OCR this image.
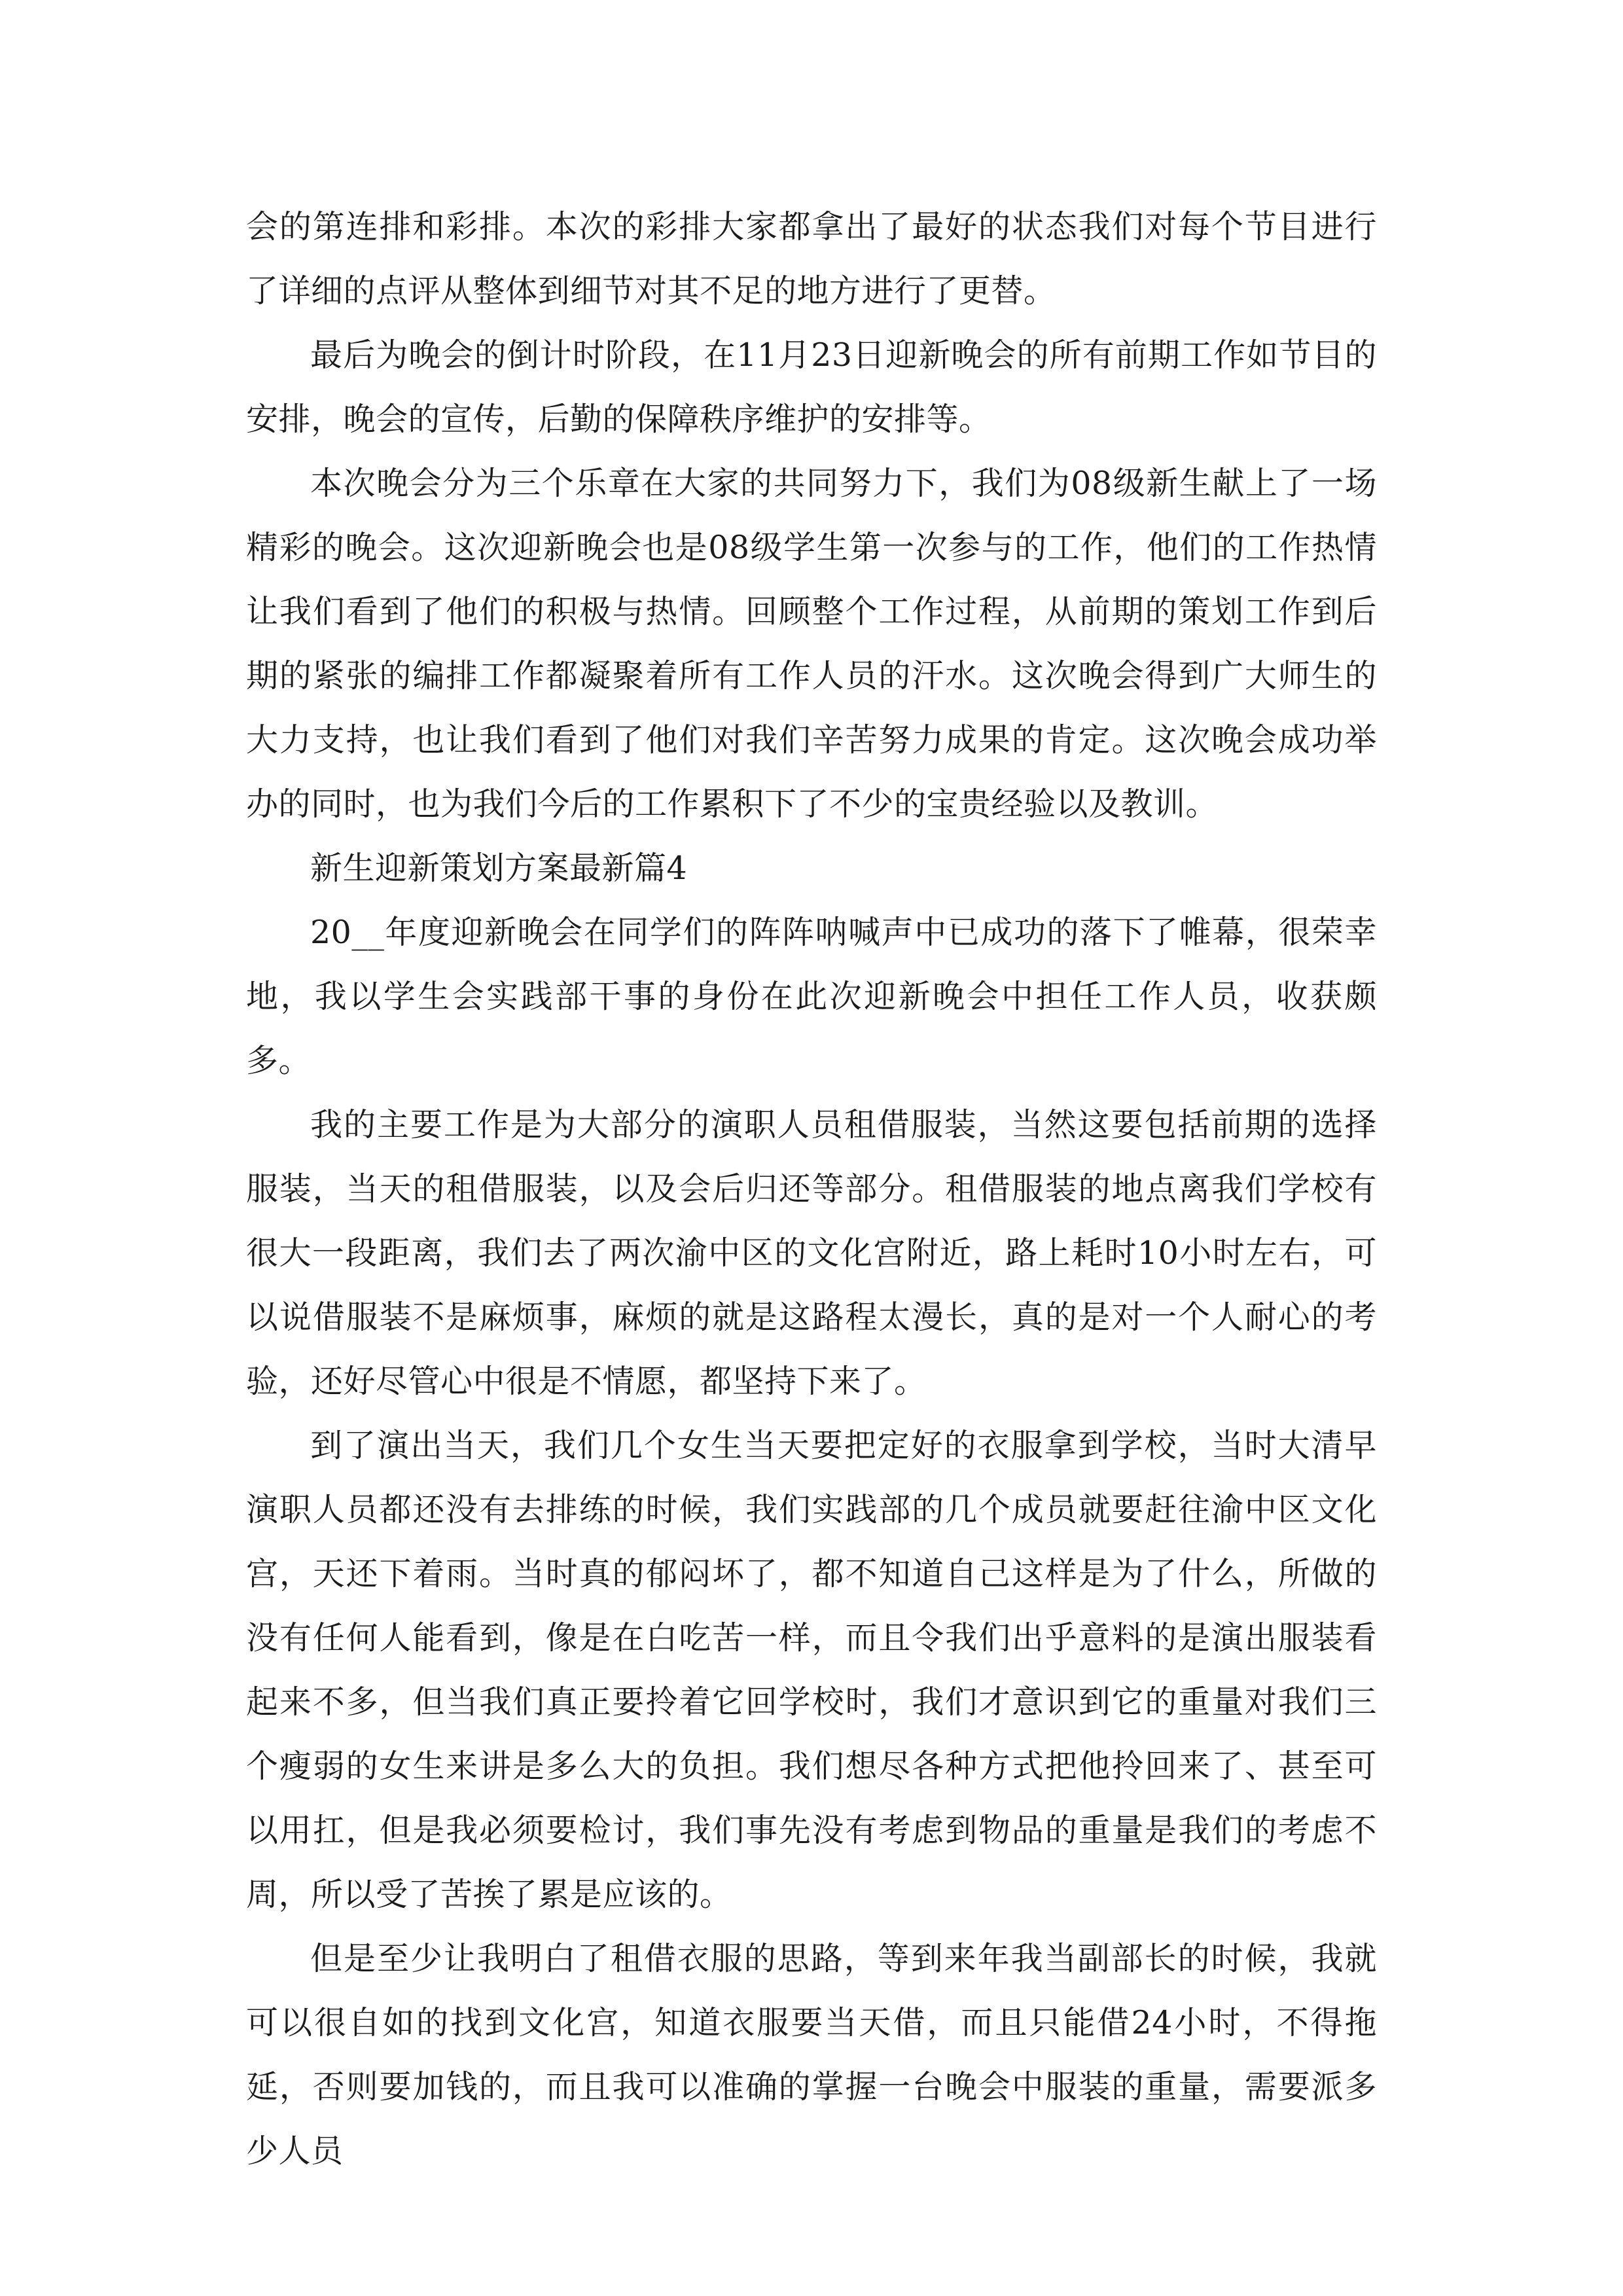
会的第连排和彩排。本次的彩排大家都拿出了最好的状态我们对每个节目进行了详细的点评从整体到细节对其不足的地方进行了更替。

最后为晚会的倒计时阶段，在11月23日迎新晚会的所有前期工作如节目的安排，晚会的宣传，后勤的保障秩序维护的安排等。

本次晚会分为三个乐章在大家的共同努力下，我们为08级新生献上了一场精彩的晚会。这次迎新晚会也是08级学生第一次参与的工作，他们的工作热情让我们看到了他们的积极与热情。回顾整个工作过程，从前期的策划工作到后期的紧张的编排工作都凝聚着所有工作人员的汗水。这次晚会得到广大师生的大力支持，也让我们看到了他们对我们辛苦努力成果的肯定。这次晚会成功举办的同时，也为我们今后的工作累积下了不少的宝贵经验以及教训。

新生迎新策划方案最新篇4

20__年度迎新晚会在同学们的阵阵呐喊声中已成功的落下了帷幕，很荣幸地，我以学生会实践部干事的身份在此次迎新晚会中担任工作人员，收获颇多。

我的主要工作是为大部分的演职人员租借服装，当然这要包括前期的选择服装，当天的租借服装，以及会后归还等部分。租借服装的地点离我们学校有很大一段距离，我们去了两次渝中区的文化宫附近，路上耗时10小时左右，可以说借服装不是麻烦事，麻烦的就是这路程太漫长，真的是对一个人耐心的考验，还好尽管心中很是不情愿，都坚持下来了。

到了演出当天，我们几个女生当天要把定好的衣服拿到学校，当时大清早演职人员都还没有去排练的时候，我们实践部的几个成员就要赶往渝中区文化宫，天还下着雨。当时真的郁闷坏了，都不知道自己这样是为了什么，所做的没有任何人能看到，像是在白吃苦一样，而且令我们出乎意料的是演出服装看起来不多，但当我们真正要拎着它回学校时，我们才意识到它的重量对我们三个瘦弱的女生来讲是多么大的负担。我们想尽各种方式把他拎回来了、甚至可以用扛，但是我必须要检讨，我们事先没有考虑到物品的重量是我们的考虑不周，所以受了苦挨了累是应该的。

但是至少让我明白了租借衣服的思路，等到来年我当副部长的时候，我就可以很自如的找到文化宫，知道衣服要当天借，而且只能借24小时，不得拖延，否则要加钱的，而且我可以准确的掌握一台晚会中服装的重量，需要派多少人员
